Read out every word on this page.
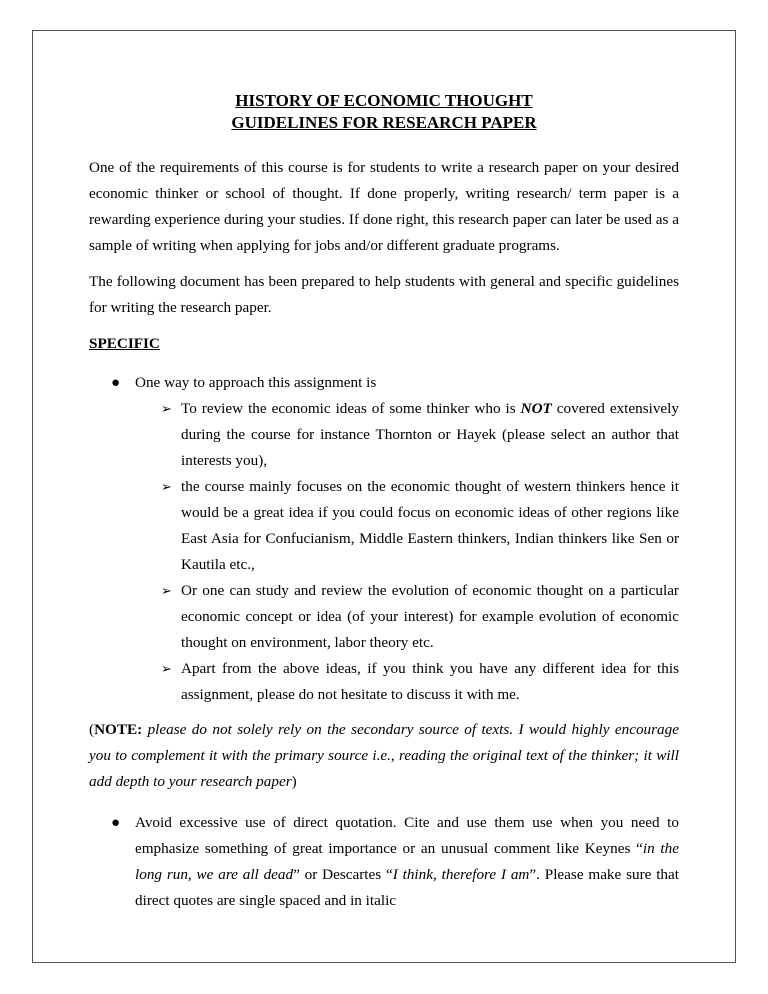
HISTORY OF ECONOMIC THOUGHT
GUIDELINES FOR RESEARCH PAPER

One of the requirements of this course is for students to write a research paper on your desired economic thinker or school of thought. If done properly, writing research/ term paper is a rewarding experience during your studies. If done right, this research paper can later be used as a sample of writing when applying for jobs and/or different graduate programs.

The following document has been prepared to help students with general and specific guidelines for writing the research paper.

SPECIFIC
● One way to approach this assignment is
➢ To review the economic ideas of some thinker who is NOT covered extensively during the course for instance Thornton or Hayek (please select an author that interests you),
➢ the course mainly focuses on the economic thought of western thinkers hence it would be a great idea if you could focus on economic ideas of other regions like East Asia for Confucianism, Middle Eastern thinkers, Indian thinkers like Sen or Kautila etc.,
➢ Or one can study and review the evolution of economic thought on a particular economic concept or idea (of your interest) for example evolution of economic thought on environment, labor theory etc.
➢ Apart from the above ideas, if you think you have any different idea for this assignment, please do not hesitate to discuss it with me.

(NOTE: please do not solely rely on the secondary source of texts. I would highly encourage you to complement it with the primary source i.e., reading the original text of the thinker; it will add depth to your research paper)

● Avoid excessive use of direct quotation. Cite and use them use when you need to emphasize something of great importance or an unusual comment like Keynes “in the long run, we are all dead” or Descartes “I think, therefore I am”. Please make sure that direct quotes are single spaced and in italic
